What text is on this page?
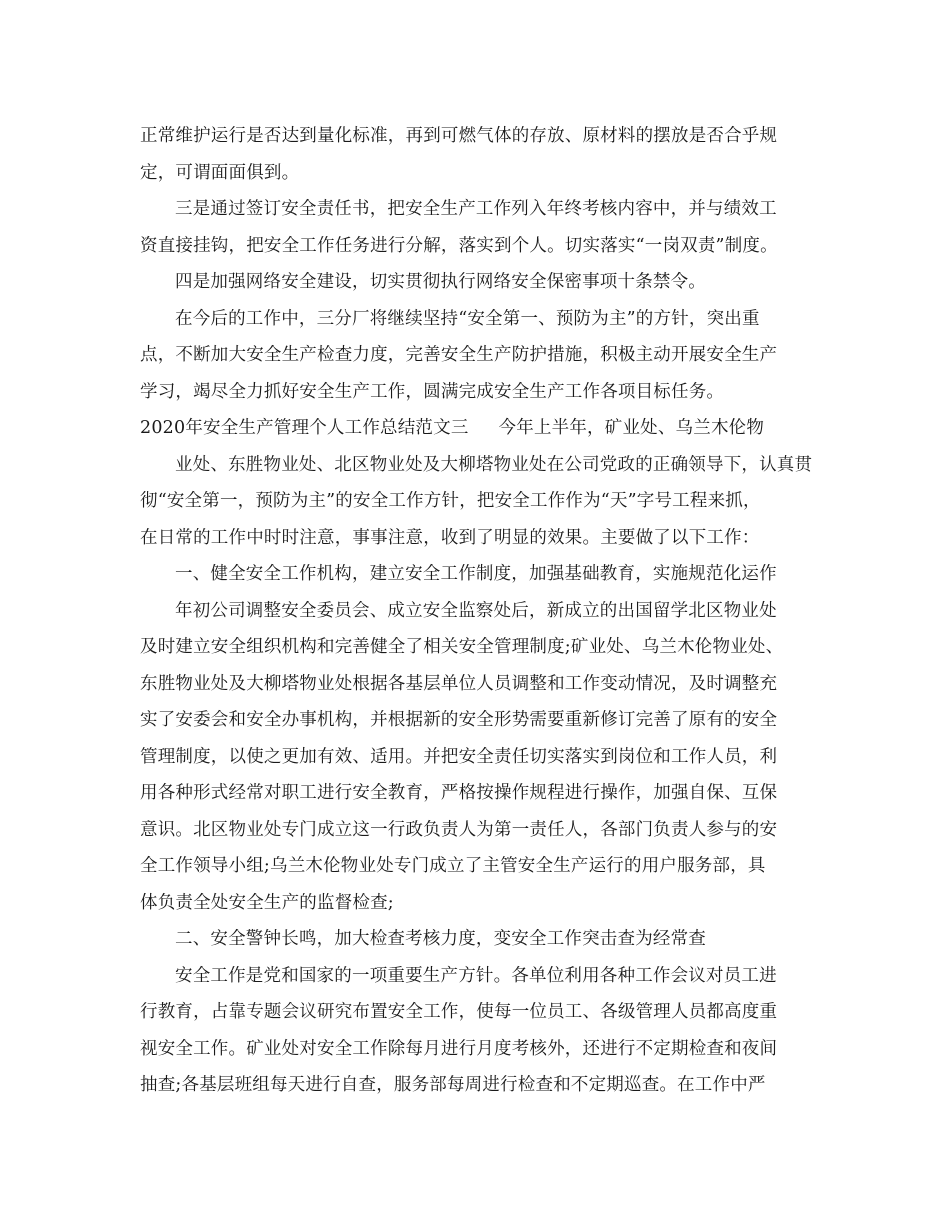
正常维护运行是否达到量化标准，再到可燃气体的存放、原材料的摆放是否合乎规
定，可谓面面俱到。
三是通过签订安全责任书，把安全生产工作列入年终考核内容中，并与绩效工
资直接挂钩，把安全工作任务进行分解，落实到个人。切实落实“一岗双责”制度。
四是加强网络安全建设，切实贯彻执行网络安全保密事项十条禁令。
在今后的工作中，三分厂将继续坚持“安全第一、预防为主”的方针，突出重
点，不断加大安全生产检查力度，完善安全生产防护措施，积极主动开展安全生产
学习，竭尽全力抓好安全生产工作，圆满完成安全生产工作各项目标任务。
2020年安全生产管理个人工作总结范文三 今年上半年，矿业处、乌兰木伦物
业处、东胜物业处、北区物业处及大柳塔物业处在公司党政的正确领导下，认真贯
彻“安全第一，预防为主”的安全工作方针，把安全工作作为“天”字号工程来抓，
在日常的工作中时时注意，事事注意，收到了明显的效果。主要做了以下工作：
一、健全安全工作机构，建立安全工作制度，加强基础教育，实施规范化运作
年初公司调整安全委员会、成立安全监察处后，新成立的出国留学北区物业处
及时建立安全组织机构和完善健全了相关安全管理制度;矿业处、乌兰木伦物业处、
东胜物业处及大柳塔物业处根据各基层单位人员调整和工作变动情况，及时调整充
实了安委会和安全办事机构，并根据新的安全形势需要重新修订完善了原有的安全
管理制度，以使之更加有效、适用。并把安全责任切实落实到岗位和工作人员，利
用各种形式经常对职工进行安全教育，严格按操作规程进行操作，加强自保、互保
意识。北区物业处专门成立这一行政负责人为第一责任人，各部门负责人参与的安
全工作领导小组;乌兰木伦物业处专门成立了主管安全生产运行的用户服务部，具
体负责全处安全生产的监督检查;
二、安全警钟长鸣，加大检查考核力度，变安全工作突击查为经常查
安全工作是党和国家的一项重要生产方针。各单位利用各种工作会议对员工进
行教育，占靠专题会议研究布置安全工作，使每一位员工、各级管理人员都高度重
视安全工作。矿业处对安全工作除每月进行月度考核外，还进行不定期检查和夜间
抽查;各基层班组每天进行自查，服务部每周进行检查和不定期巡查。在工作中严
